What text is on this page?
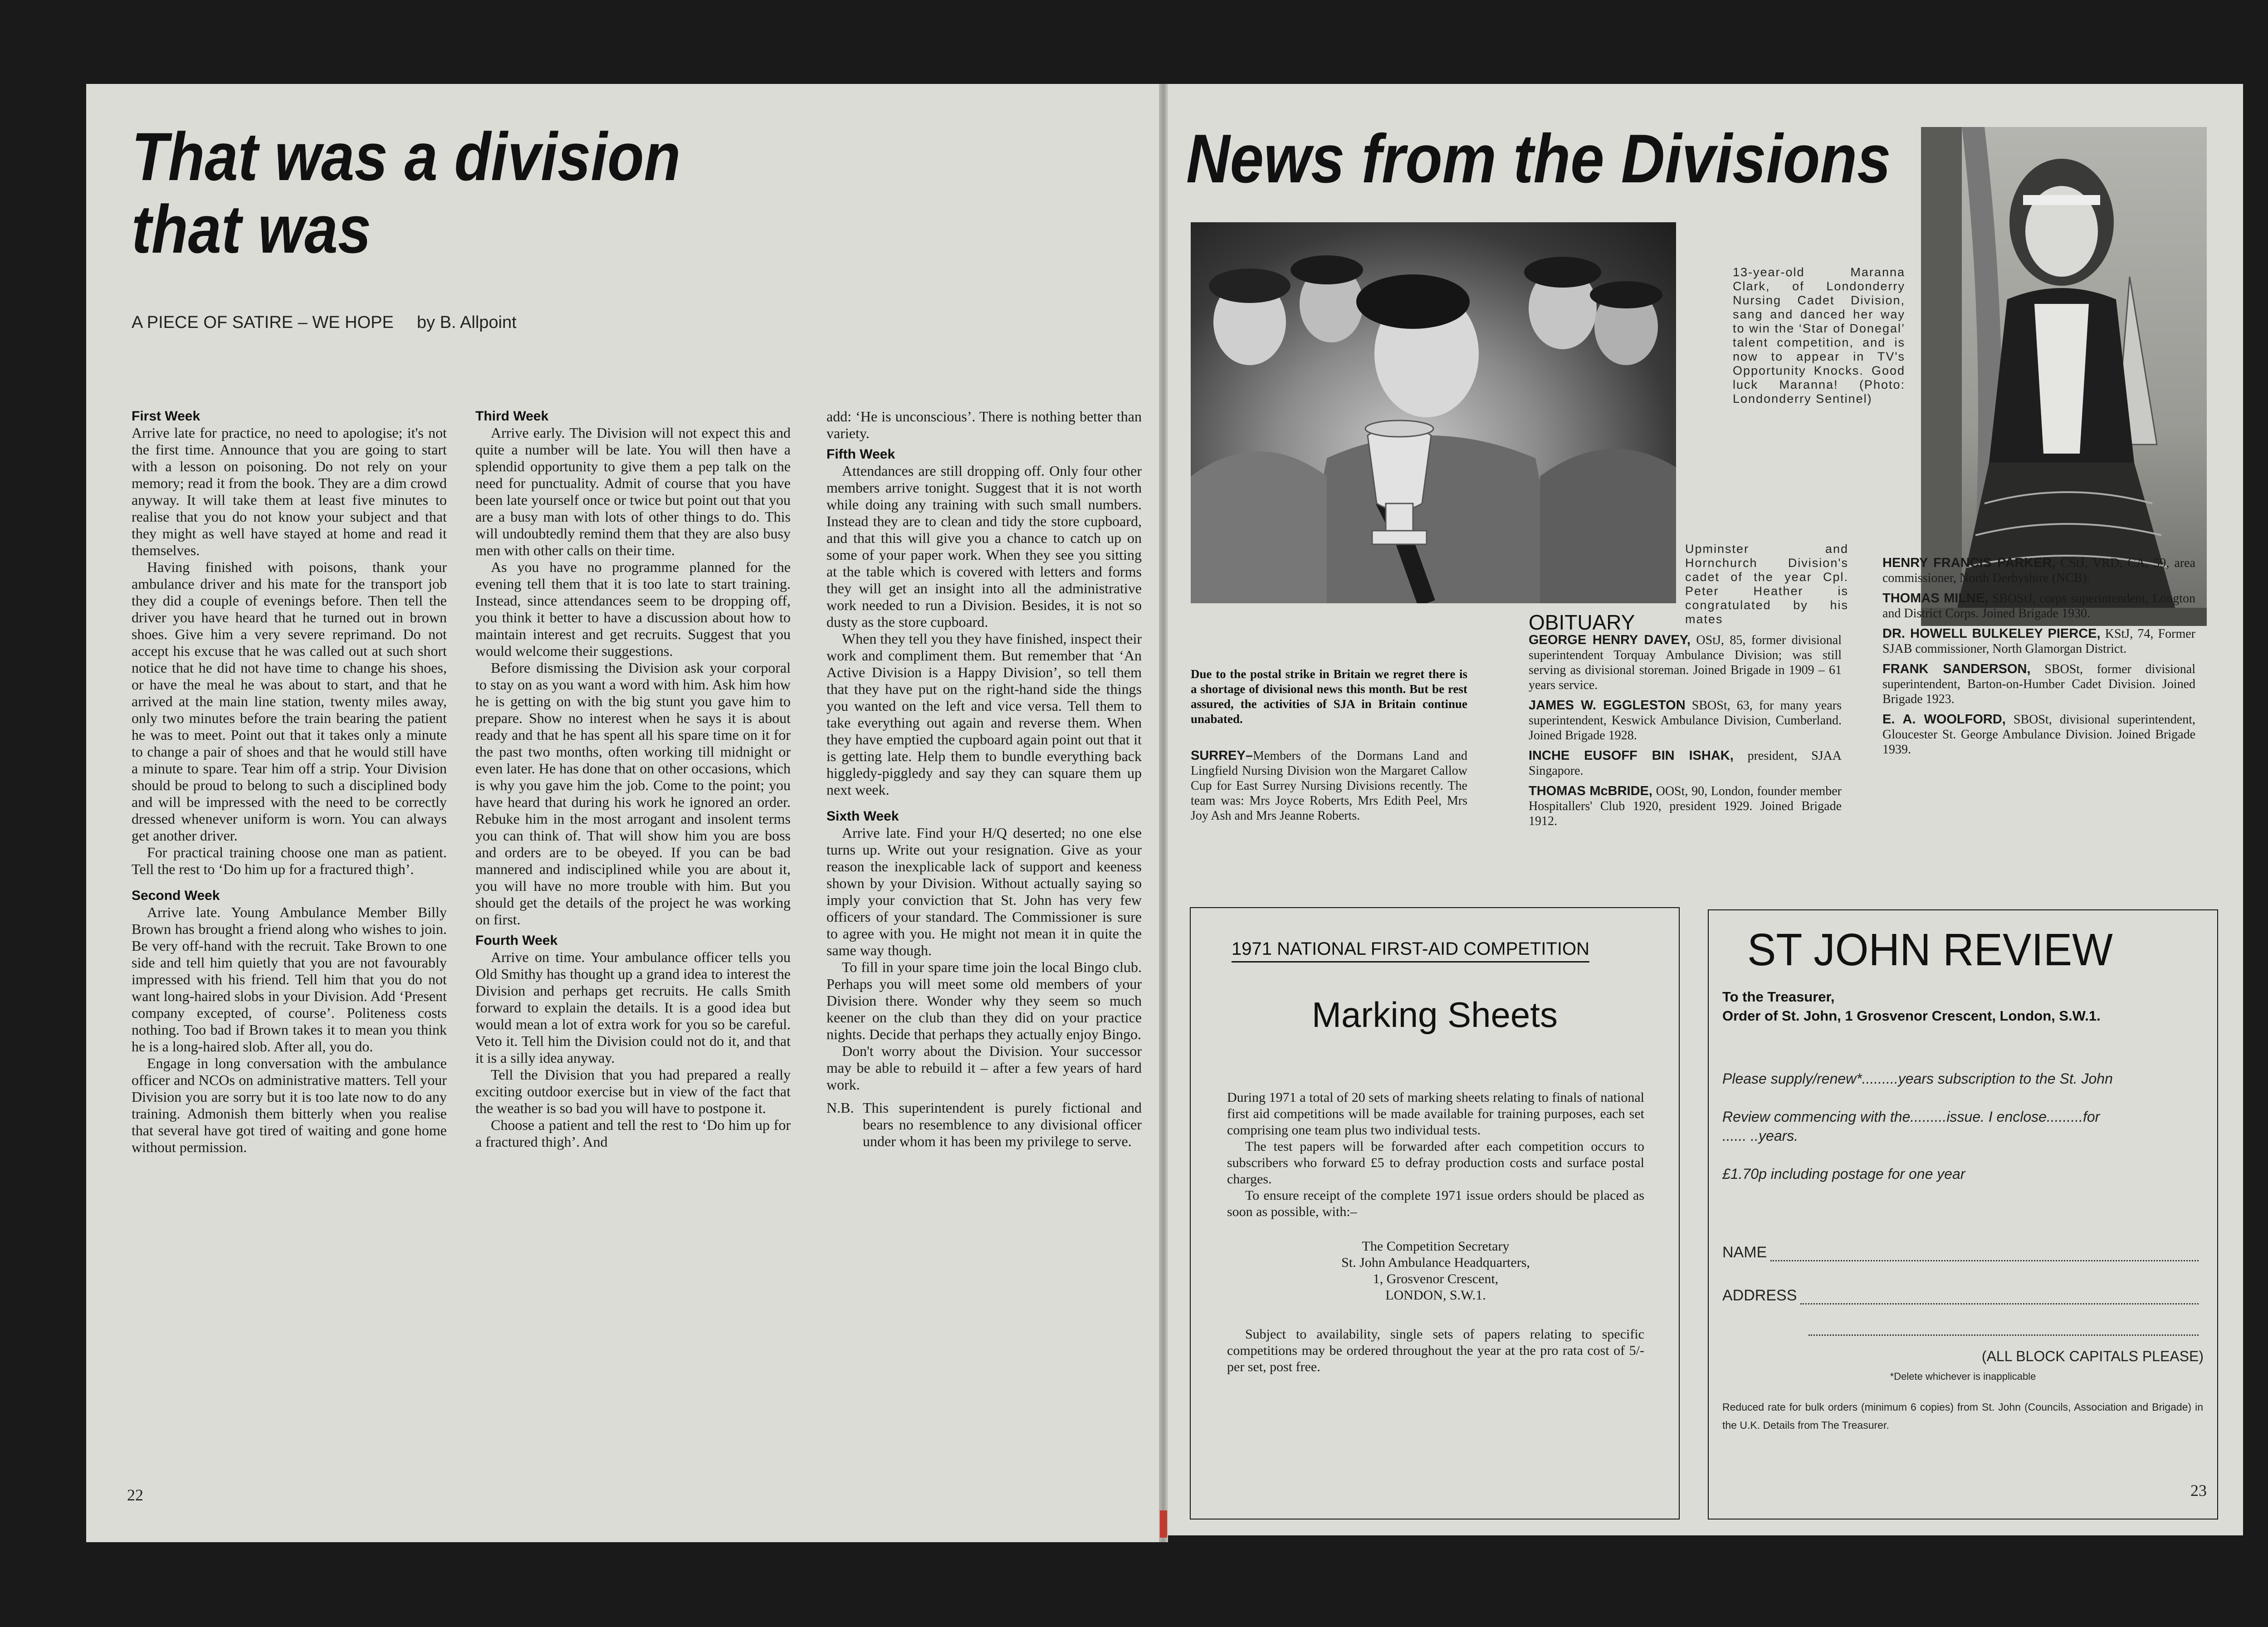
That was a division
that was
A PIECE OF SATIRE – WE HOPE by B. Allpoint
First Week

Arrive late for practice, no need to apologise; it's not the first time. Announce that you are going to start with a lesson on poisoning. Do not rely on your memory; read it from the book. They are a dim crowd anyway. It will take them at least five minutes to realise that you do not know your subject and that they might as well have stayed at home and read it themselves.

Having finished with poisons, thank your ambulance driver and his mate for the transport job they did a couple of evenings before. Then tell the driver you have heard that he turned out in brown shoes. Give him a very severe reprimand. Do not accept his excuse that he was called out at such short notice that he did not have time to change his shoes, or have the meal he was about to start, and that he arrived at the main line station, twenty miles away, only two minutes before the train bearing the patient he was to meet. Point out that it takes only a minute to change a pair of shoes and that he would still have a minute to spare. Tear him off a strip. Your Division should be proud to belong to such a disciplined body and will be impressed with the need to be correctly dressed whenever uniform is worn. You can always get another driver.

For practical training choose one man as patient. Tell the rest to ‘Do him up for a fractured thigh’.

Second Week

Arrive late. Young Ambulance Member Billy Brown has brought a friend along who wishes to join. Be very off-hand with the recruit. Take Brown to one side and tell him quietly that you are not favourably impressed with his friend. Tell him that you do not want long-haired slobs in your Division. Add ‘Present company excepted, of course’. Politeness costs nothing. Too bad if Brown takes it to mean you think he is a long-haired slob. After all, you do.

Engage in long conversation with the ambulance officer and NCOs on administrative matters. Tell your Division you are sorry but it is too late now to do any training. Admonish them bitterly when you realise that several have got tired of waiting and gone home without permission.

Third Week

Arrive early. The Division will not expect this and quite a number will be late. You will then have a splendid opportunity to give them a pep talk on the need for punctuality. Admit of course that you have been late yourself once or twice but point out that you are a busy man with lots of other things to do. This will undoubtedly remind them that they are also busy men with other calls on their time.

As you have no programme planned for the evening tell them that it is too late to start training. Instead, since attendances seem to be dropping off, you think it better to have a discussion about how to maintain interest and get recruits. Suggest that you would welcome their suggestions.

Before dismissing the Division ask your corporal to stay on as you want a word with him. Ask him how he is getting on with the big stunt you gave him to prepare. Show no interest when he says it is about ready and that he has spent all his spare time on it for the past two months, often working till midnight or even later. He has done that on other occasions, which is why you gave him the job. Come to the point; you have heard that during his work he ignored an order. Rebuke him in the most arrogant and insolent terms you can think of. That will show him you are boss and orders are to be obeyed. If you can be bad mannered and indisciplined while you are about it, you will have no more trouble with him. But you should get the details of the project he was working on first.

Fourth Week

Arrive on time. Your ambulance officer tells you Old Smithy has thought up a grand idea to interest the Division and perhaps get recruits. He calls Smith forward to explain the details. It is a good idea but would mean a lot of extra work for you so be careful. Veto it. Tell him the Division could not do it, and that it is a silly idea anyway.

Tell the Division that you had prepared a really exciting outdoor exercise but in view of the fact that the weather is so bad you will have to postpone it.

Choose a patient and tell the rest to ‘Do him up for a fractured thigh’. And

add: ‘He is unconscious’. There is nothing better than variety.

Fifth Week

Attendances are still dropping off. Only four other members arrive tonight. Suggest that it is not worth while doing any training with such small numbers. Instead they are to clean and tidy the store cupboard, and that this will give you a chance to catch up on some of your paper work. When they see you sitting at the table which is covered with letters and forms they will get an insight into all the administrative work needed to run a Division. Besides, it is not so dusty as the store cupboard.

When they tell you they have finished, inspect their work and compliment them. But remember that ‘An Active Division is a Happy Division’, so tell them that they have put on the right-hand side the things you wanted on the left and vice versa. Tell them to take everything out again and reverse them. When they have emptied the cupboard again point out that it is getting late. Help them to bundle everything back higgledy-piggledy and say they can square them up next week.

Sixth Week

Arrive late. Find your H/Q deserted; no one else turns up. Write out your resignation. Give as your reason the inexplicable lack of support and keeness shown by your Division. Without actually saying so imply your conviction that St. John has very few officers of your standard. The Commissioner is sure to agree with you. He might not mean it in quite the same way though.

To fill in your spare time join the local Bingo club. Perhaps you will meet some old members of your Division there. Wonder why they seem so much keener on the club than they did on your practice nights. Decide that perhaps they actually enjoy Bingo.

Don't worry about the Division. Your successor may be able to rebuild it – after a few years of hard work.

N.B. This superintendent is purely fictional and bears no resemblence to any divisional officer under whom it has been my privilege to serve.
22
News from the Divisions
Upminster and Hornchurch Division's cadet of the year Cpl. Peter Heather is congratulated by his mates
13-year-old Maranna Clark, of Londonderry Nursing Cadet Division, sang and danced her way to win the ‘Star of Donegal’ talent competition, and is now to appear in TV's Opportunity Knocks. Good luck Maranna! (Photo: Londonderry Sentinel)
Due to the postal strike in Britain we regret there is a shortage of divisional news this month. But be rest assured, the activities of SJA in Britain continue unabated.
SURREY–Members of the Dormans Land and Lingfield Nursing Division won the Margaret Callow Cup for East Surrey Nursing Divisions recently. The team was: Mrs Joyce Roberts, Mrs Edith Peel, Mrs Joy Ash and Mrs Jeanne Roberts.
OBITUARY

GEORGE HENRY DAVEY, OStJ, 85, former divisional superintendent Torquay Ambulance Division; was still serving as divisional storeman. Joined Brigade in 1909 – 61 years service.

JAMES W. EGGLESTON SBOSt, 63, for many years superintendent, Keswick Ambulance Division, Cumberland. Joined Brigade 1928.

INCHE EUSOFF BIN ISHAK, president, SJAA Singapore.

THOMAS McBRIDE, OOSt, 90, London, founder member Hospitallers' Club 1920, president 1929. Joined Brigade 1912.

HENRY FRANCIS PARKER, CStJ, VRD, CA, 59, area commissioner, North Derbyshire (NCB).

THOMAS MILNE, SBOStJ, corps superintendent, Longton and District Corps. Joined Brigade 1930.

DR. HOWELL BULKELEY PIERCE, KStJ, 74, Former SJAB commissioner, North Glamorgan District.

FRANK SANDERSON, SBOSt, former divisional superintendent, Barton-on-Humber Cadet Division. Joined Brigade 1923.

E. A. WOOLFORD, SBOSt, divisional superintendent, Gloucester St. George Ambulance Division. Joined Brigade 1939.

1971 NATIONAL FIRST-AID COMPETITION
Marking Sheets

During 1971 a total of 20 sets of marking sheets relating to finals of national first aid competitions will be made available for training purposes, each set comprising one team plus two individual tests.

The test papers will be forwarded after each competition occurs to subscribers who forward £5 to defray production costs and surface postal charges.

To ensure receipt of the complete 1971 issue orders should be placed as soon as possible, with:–

The Competition Secretary
St. John Ambulance Headquarters,
1, Grosvenor Crescent,
LONDON, S.W.1.

Subject to availability, single sets of papers relating to specific competitions may be ordered throughout the year at the pro rata cost of 5/- per set, post free.

ST JOHN REVIEW
To the Treasurer,
Order of St. John, 1 Grosvenor Crescent, London, S.W.1.
Please supply/renew*.........years subscription to the St. John
Review commencing with the.........issue. I enclose.........for
...... ..years.
£1.70p including postage for one year
NAME
ADDRESS
(ALL BLOCK CAPITALS PLEASE)
*Delete whichever is inapplicable
Reduced rate for bulk orders (minimum 6 copies) from St. John (Councils, Association and Brigade) in the U.K. Details from The Treasurer.
23
